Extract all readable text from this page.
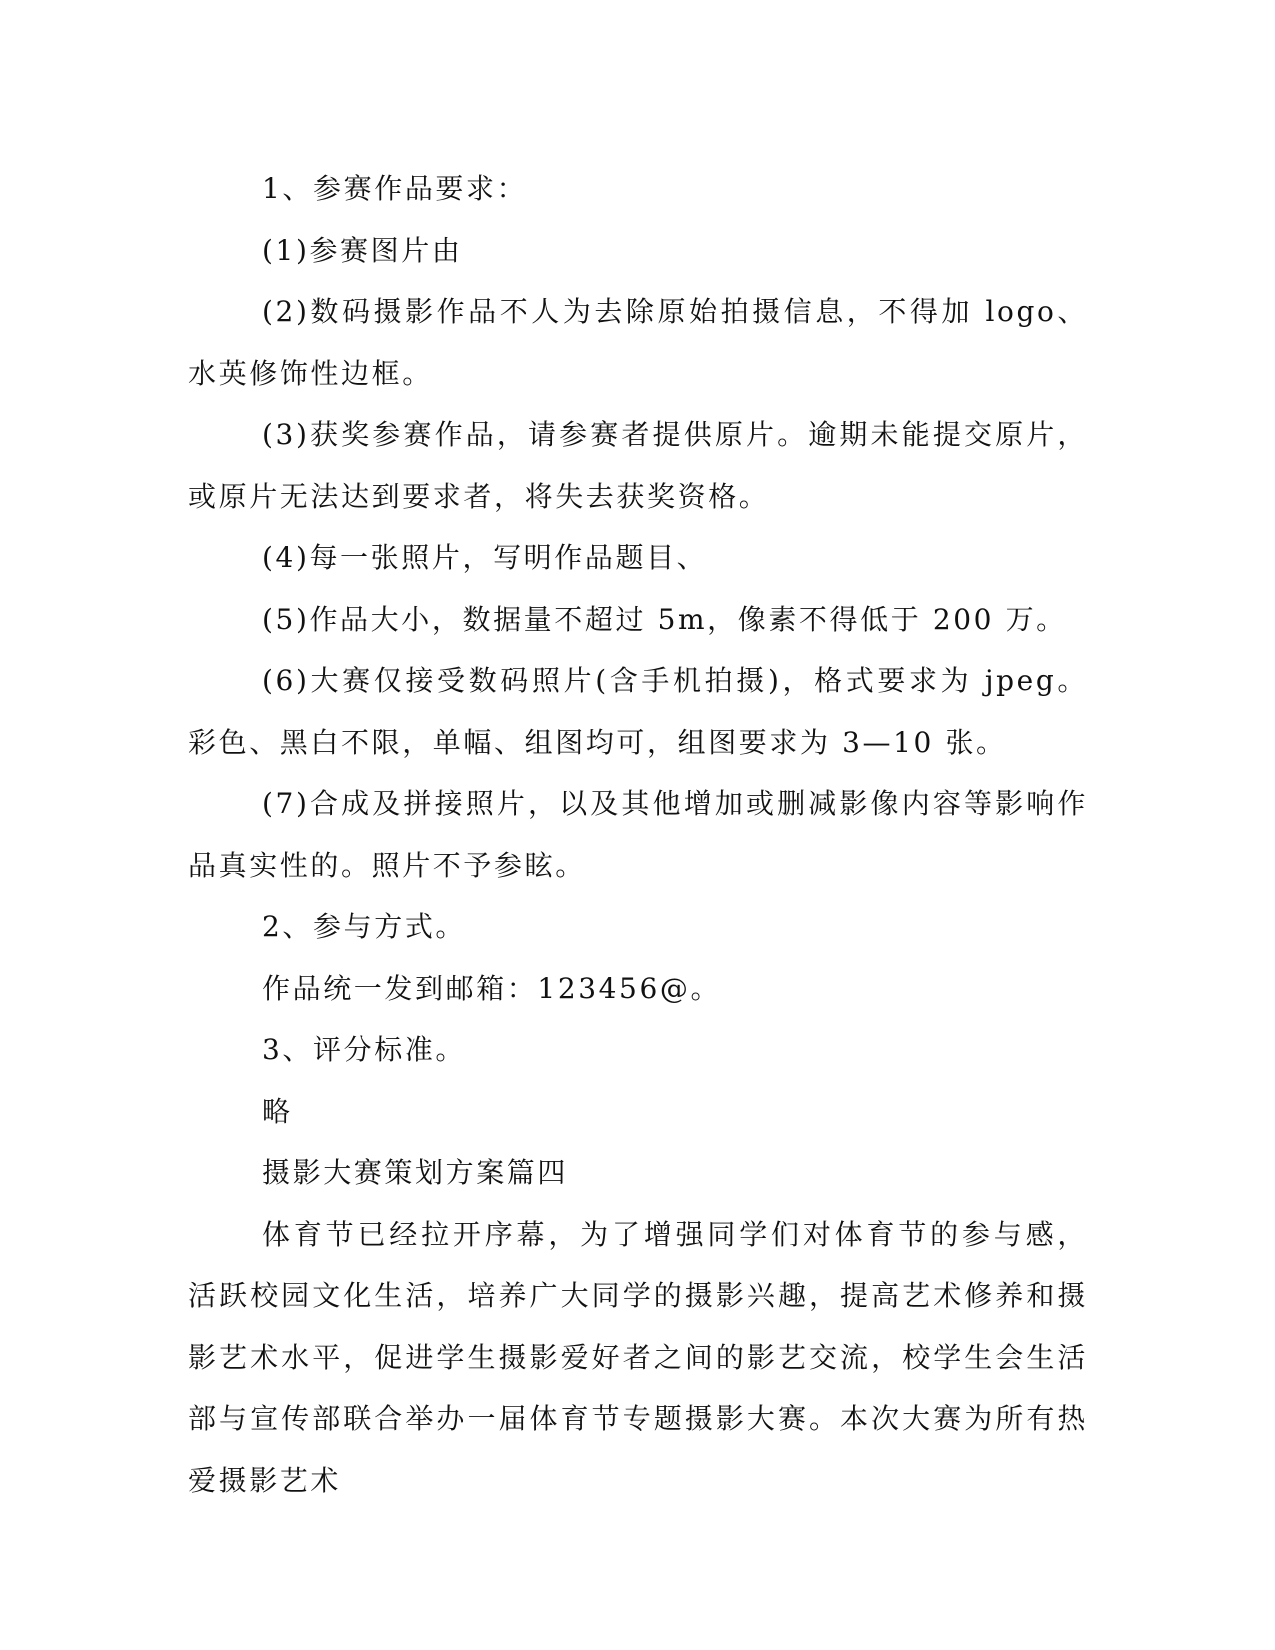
1、参赛作品要求：

(1)参赛图片由

(2)数码摄影作品不人为去除原始拍摄信息，不得加 logo、水英修饰性边框。

(3)获奖参赛作品，请参赛者提供原片。逾期未能提交原片，或原片无法达到要求者，将失去获奖资格。

(4)每一张照片，写明作品题目、

(5)作品大小，数据量不超过 5m，像素不得低于 200 万。

(6)大赛仅接受数码照片(含手机拍摄)，格式要求为 jpeg。彩色、黑白不限，单幅、组图均可，组图要求为 3—10 张。

(7)合成及拼接照片，以及其他增加或删减影像内容等影响作品真实性的。照片不予参眩。

2、参与方式。

作品统一发到邮箱：123456@。

3、评分标准。

略

摄影大赛策划方案篇四

体育节已经拉开序幕，为了增强同学们对体育节的参与感，活跃校园文化生活，培养广大同学的摄影兴趣，提高艺术修养和摄影艺术水平，促进学生摄影爱好者之间的影艺交流，校学生会生活部与宣传部联合举办一届体育节专题摄影大赛。本次大赛为所有热爱摄影艺术
